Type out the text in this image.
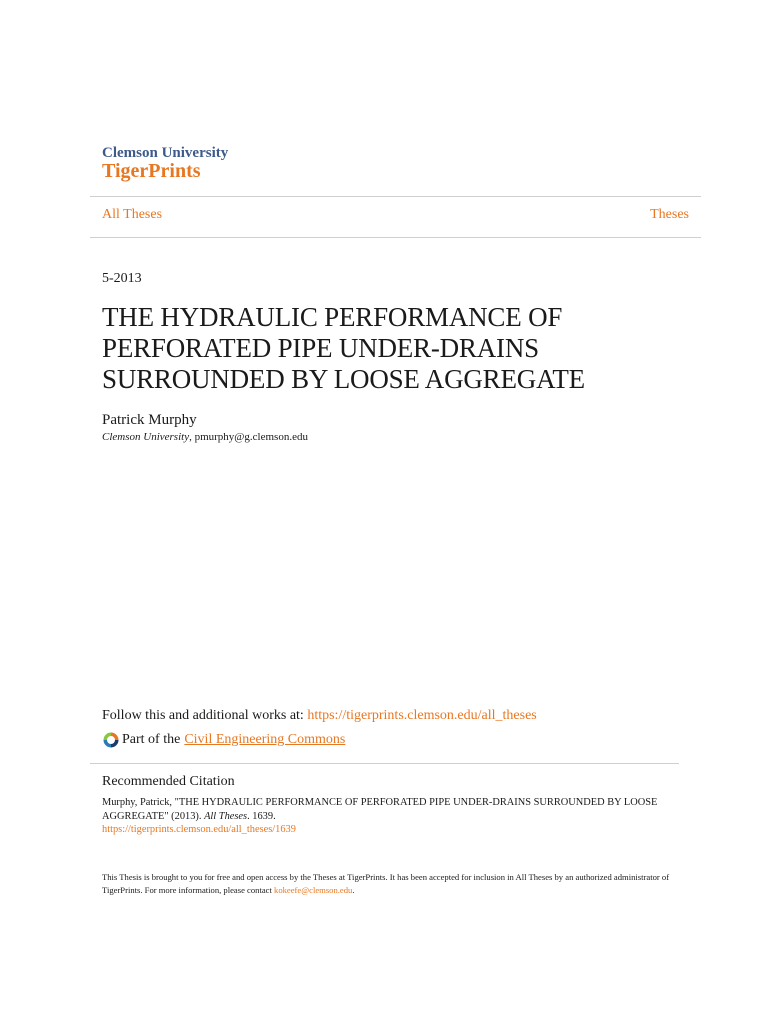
Clemson University
TigerPrints
All Theses	Theses
5-2013
THE HYDRAULIC PERFORMANCE OF PERFORATED PIPE UNDER-DRAINS SURROUNDED BY LOOSE AGGREGATE
Patrick Murphy
Clemson University, pmurphy@g.clemson.edu
Follow this and additional works at: https://tigerprints.clemson.edu/all_theses
Part of the Civil Engineering Commons
Recommended Citation
Murphy, Patrick, "THE HYDRAULIC PERFORMANCE OF PERFORATED PIPE UNDER-DRAINS SURROUNDED BY LOOSE AGGREGATE" (2013). All Theses. 1639.
https://tigerprints.clemson.edu/all_theses/1639
This Thesis is brought to you for free and open access by the Theses at TigerPrints. It has been accepted for inclusion in All Theses by an authorized administrator of TigerPrints. For more information, please contact kokeefe@clemson.edu.
